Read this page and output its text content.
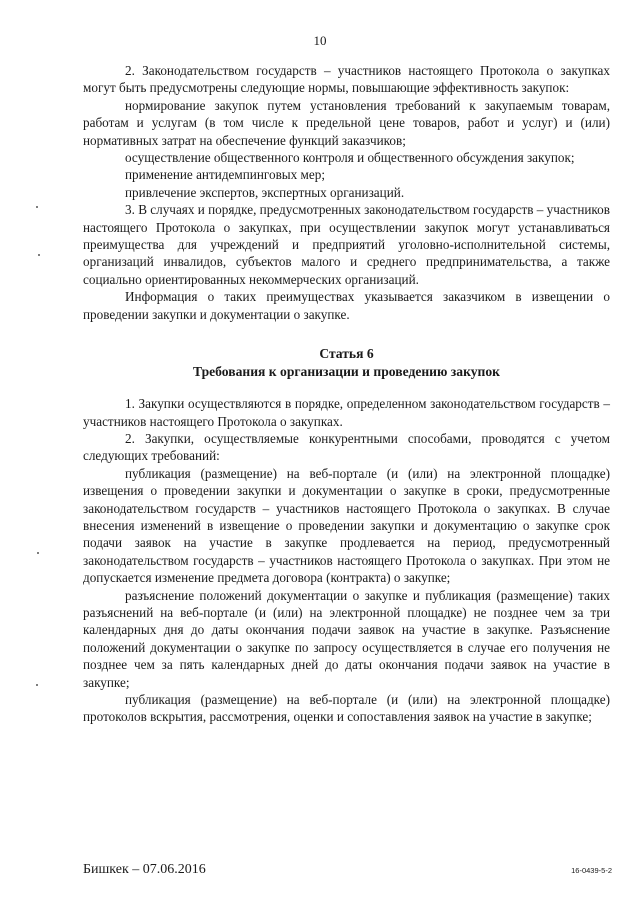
10

2. Законодательством государств – участников настоящего Протокола о закупках могут быть предусмотрены следующие нормы, повышающие эффективность закупок:

нормирование закупок путем установления требований к закупаемым товарам, работам и услугам (в том числе к предельной цене товаров, работ и услуг) и (или) нормативных затрат на обеспечение функций заказчиков;

осуществление общественного контроля и общественного обсуждения закупок;

применение антидемпинговых мер;

привлечение экспертов, экспертных организаций.

3. В случаях и порядке, предусмотренных законодательством государств – участников настоящего Протокола о закупках, при осуществлении закупок могут устанавливаться преимущества для учреждений и предприятий уголовно-исполнительной системы, организаций инвалидов, субъектов малого и среднего предпринимательства, а также социально ориентированных некоммерческих организаций.

Информация о таких преимуществах указывается заказчиком в извещении о проведении закупки и документации о закупке.

Статья 6

Требования к организации и проведению закупок

1. Закупки осуществляются в порядке, определенном законодательством государств – участников настоящего Протокола о закупках.

2. Закупки, осуществляемые конкурентными способами, проводятся с учетом следующих требований:

публикация (размещение) на веб-портале (и (или) на электронной площадке) извещения о проведении закупки и документации о закупке в сроки, предусмотренные законодательством государств – участников настоящего Протокола о закупках. В случае внесения изменений в извещение о проведении закупки и документацию о закупке срок подачи заявок на участие в закупке продлевается на период, предусмотренный законодательством государств – участников настоящего Протокола о закупках. При этом не допускается изменение предмета договора (контракта) о закупке;

разъяснение положений документации о закупке и публикация (размещение) таких разъяснений на веб-портале (и (или) на электронной площадке) не позднее чем за три календарных дня до даты окончания подачи заявок на участие в закупке. Разъяснение положений документации о закупке по запросу осуществляется в случае его получения не позднее чем за пять календарных дней до даты окончания подачи заявок на участие в закупке;

публикация (размещение) на веб-портале (и (или) на электронной площадке) протоколов вскрытия, рассмотрения, оценки и сопоставления заявок на участие в закупке;

Бишкек – 07.06.2016	16-0439-5-2
